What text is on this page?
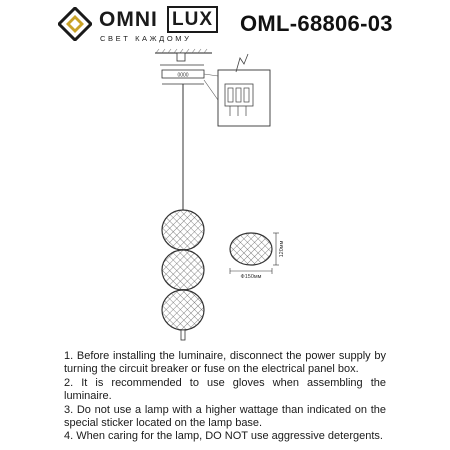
OMNI LUX
СВЕТ КАЖДОМУ
OML-68806-03
0000
120мм
Ф150мм

1. Before installing the luminaire, disconnect the power supply by turning the circuit breaker or fuse on the electrical panel box.

2. It is recommended to use gloves when assembling the luminaire.

3. Do not use a lamp with a higher wattage than indicated on the special sticker located on the lamp base.

4. When caring for the lamp, DO NOT use aggressive detergents.
